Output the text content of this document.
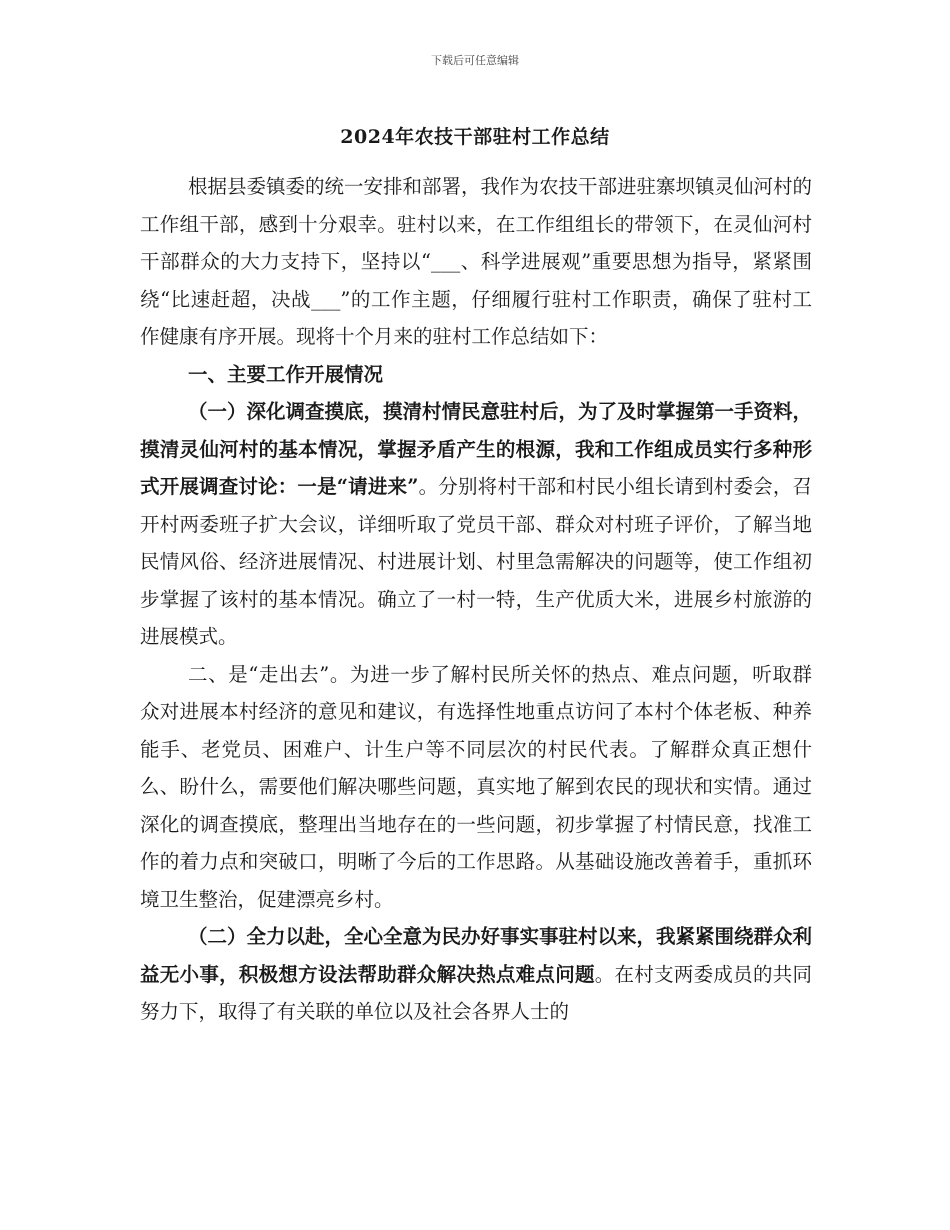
下载后可任意编辑
2024年农技干部驻村工作总结

根据县委镇委的统一安排和部署，我作为农技干部进驻寨坝镇灵仙河村的工作组干部，感到十分艰幸。驻村以来，在工作组组长的带领下，在灵仙河村干部群众的大力支持下，坚持以“___、科学进展观”重要思想为指导，紧紧围绕“比速赶超，决战___”的工作主题，仔细履行驻村工作职责，确保了驻村工作健康有序开展。现将十个月来的驻村工作总结如下：

一、主要工作开展情况

（一）深化调查摸底，摸清村情民意驻村后，为了及时掌握第一手资料，摸清灵仙河村的基本情况，掌握矛盾产生的根源，我和工作组成员实行多种形式开展调查讨论：一是“请进来”。分别将村干部和村民小组长请到村委会，召开村两委班子扩大会议，详细听取了党员干部、群众对村班子评价，了解当地民情风俗、经济进展情况、村进展计划、村里急需解决的问题等，使工作组初步掌握了该村的基本情况。确立了一村一特，生产优质大米，进展乡村旅游的进展模式。

二、是“走出去”。为进一步了解村民所关怀的热点、难点问题，听取群众对进展本村经济的意见和建议，有选择性地重点访问了本村个体老板、种养能手、老党员、困难户、计生户等不同层次的村民代表。了解群众真正想什么、盼什么，需要他们解决哪些问题，真实地了解到农民的现状和实情。通过深化的调查摸底，整理出当地存在的一些问题，初步掌握了村情民意，找准工作的着力点和突破口，明晰了今后的工作思路。从基础设施改善着手，重抓环境卫生整治，促建漂亮乡村。

（二）全力以赴，全心全意为民办好事实事驻村以来，我紧紧围绕群众利益无小事，积极想方设法帮助群众解决热点难点问题。在村支两委成员的共同努力下，取得了有关联的单位以及社会各界人士的
